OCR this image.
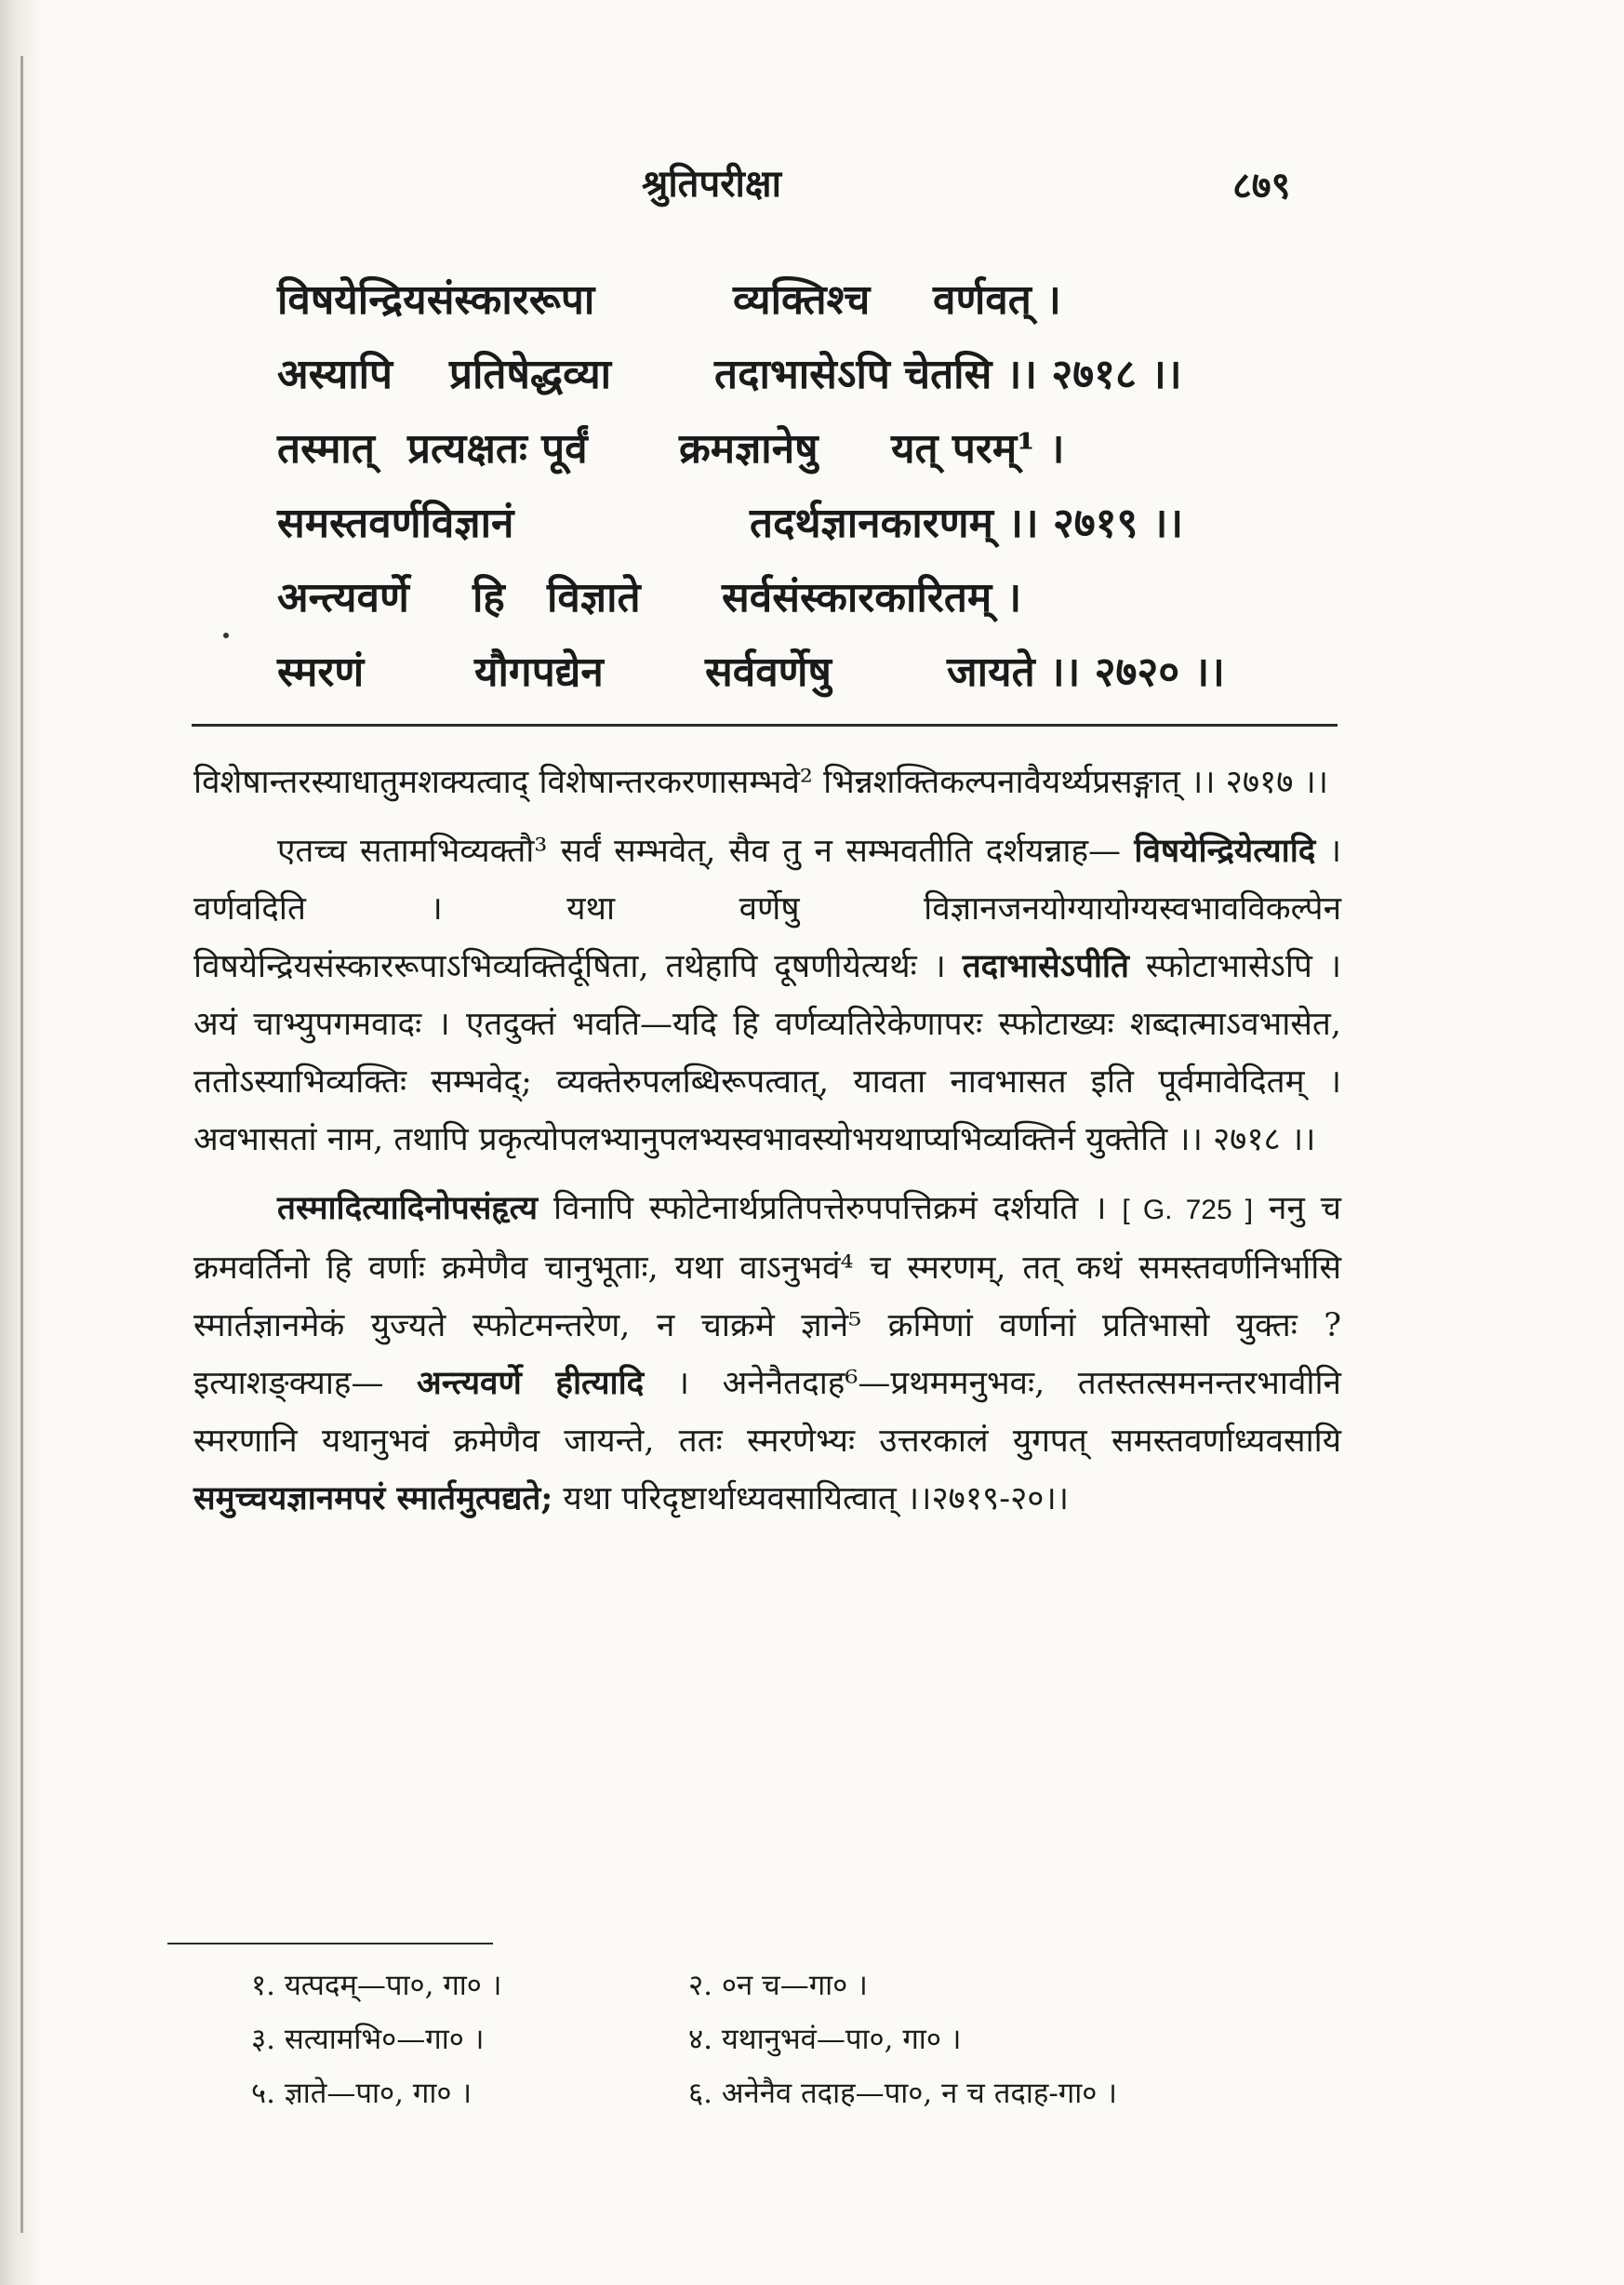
श्रुतिपरीक्षा	८७९
विषयेन्द्रियसंस्काररूपा	व्यक्तिश्च वर्णवत् ।
अस्यापि प्रतिषेद्धव्या	तदाभासेऽपि चेतसि ।। २७१८ ।।
तस्मात् प्रत्यक्षतः पूर्वं क्रमज्ञानेषु यत् परम्¹ ।
समस्तवर्णविज्ञानं	तदर्थज्ञानकारणम् ।। २७१९ ।।
अन्त्यवर्णे हि विज्ञाते सर्वसंस्कारकारितम् ।
स्मरणं	यौगपद्येन सर्ववर्णेषु	जायते ।। २७२० ।।

विशेषान्तरस्याधातुमशक्यत्वाद् विशेषान्तरकरणासम्भवे² भिन्नशक्तिकल्पनावैयर्थ्यप्रसङ्गात् ।। २७१७ ।।

एतच्च सतामभिव्यक्तौ³ सर्वं सम्भवेत्, सैव तु न सम्भवतीति दर्शयन्नाह— विषयेन्द्रियेत्यादि । वर्णवदिति । यथा वर्णेषु विज्ञानजनयोग्यायोग्यस्वभावविकल्पेन विषयेन्द्रियसंस्काररूपाऽभिव्यक्तिर्दूषिता, तथेहापि दूषणीयेत्यर्थः । तदाभासेऽपीति स्फोटाभासेऽपि । अयं चाभ्युपगमवादः । एतदुक्तं भवति—यदि हि वर्णव्यतिरेकेणापरः स्फोटाख्यः शब्दात्माऽवभासेत, ततोऽस्याभिव्यक्तिः सम्भवेद्; व्यक्तेरुपलब्धिरूपत्वात्, यावता नावभासत इति पूर्वमावेदितम् । अवभासतां नाम, तथापि प्रकृत्योपलभ्यानुपलभ्यस्वभावस्योभयथाप्यभिव्यक्तिर्न युक्तेति ।। २७१८ ।।

तस्मादित्यादिनोपसंहृत्य विनापि स्फोटेनार्थप्रतिपत्तेरुपपत्तिक्रमं दर्शयति । [ G. 725 ] ननु च क्रमवर्तिनो हि वर्णाः क्रमेणैव चानुभूताः, यथा वाऽनुभवं⁴ च स्मरणम्, तत् कथं समस्तवर्णनिर्भासि स्मार्तज्ञानमेकं युज्यते स्फोटमन्तरेण, न चाक्रमे ज्ञाने⁵ क्रमिणां वर्णानां प्रतिभासो युक्तः ? इत्याशङ्क्याह— अन्त्यवर्णे हीत्यादि । अनेनैतदाह⁶—प्रथममनुभवः, ततस्तत्समनन्तरभावीनि स्मरणानि यथानुभवं क्रमेणैव जायन्ते, ततः स्मरणेभ्यः उत्तरकालं युगपत् समस्तवर्णाध्यवसायि समुच्चयज्ञानमपरं स्मार्तमुत्पद्यते; यथा परिदृष्टार्थाध्यवसायित्वात् ।।२७१९-२०।।

१. यत्पदम्—पा०, गा० ।	२. ०न च—गा० ।
३. सत्यामभि०—गा० ।	४. यथानुभवं—पा०, गा० ।
५. ज्ञाते—पा०, गा० ।	६. अनेनैव तदाह—पा०, न च तदाह-गा० ।
